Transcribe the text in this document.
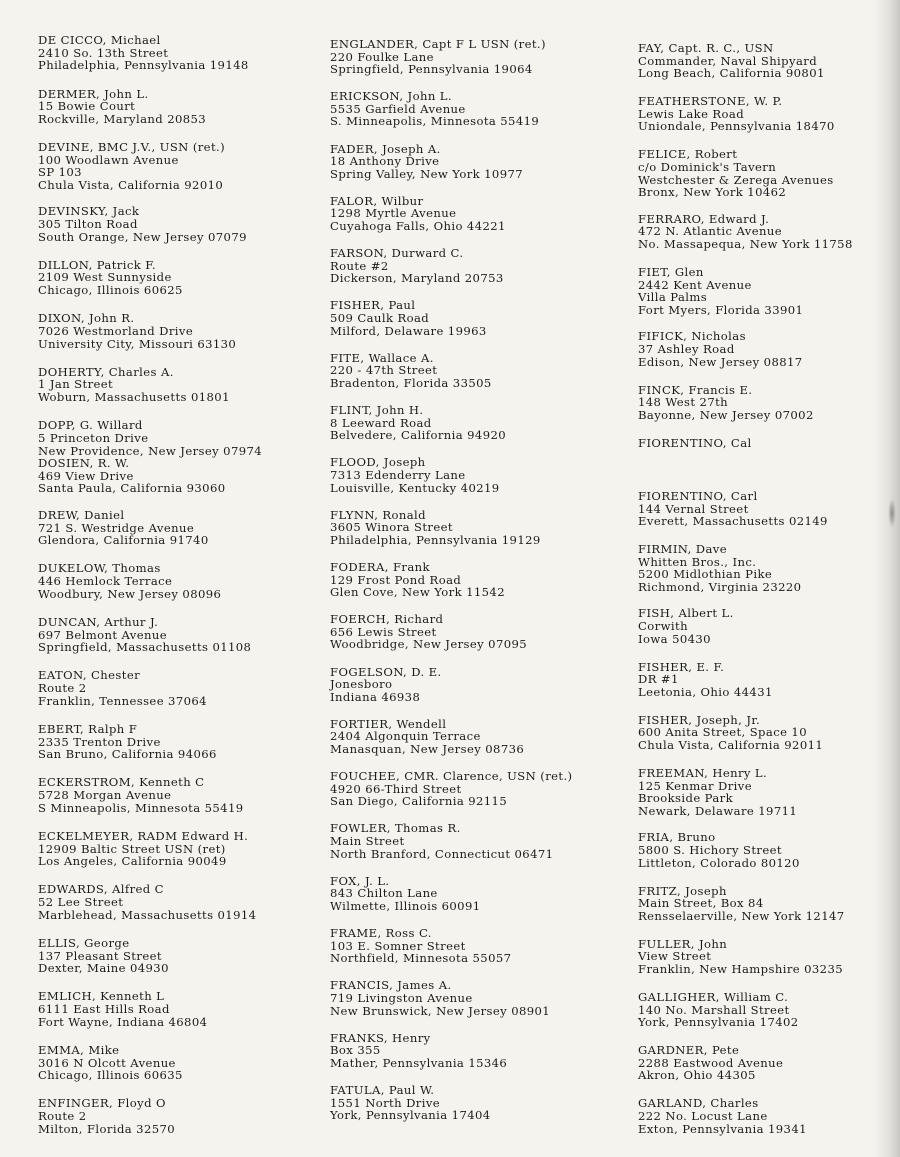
DE CICCO, Michael
2410 So. 13th Street
Philadelphia, Pennsylvania 19148
DERMER, John L.
15 Bowie Court
Rockville, Maryland 20853
DEVINE, BMC J.V., USN (ret.)
100 Woodlawn Avenue
SP 103
Chula Vista, California 92010
DEVINSKY, Jack
305 Tilton Road
South Orange, New Jersey 07079
DILLON, Patrick F.
2109 West Sunnyside
Chicago, Illinois 60625
DIXON, John R.
7026 Westmorland Drive
University City, Missouri 63130
DOHERTY, Charles A.
1 Jan Street
Woburn, Massachusetts 01801
DOPP, G. Willard
5 Princeton Drive
New Providence, New Jersey 07974
DOSIEN, R. W.
469 View Drive
Santa Paula, California 93060
DREW, Daniel
721 S. Westridge Avenue
Glendora, California 91740
DUKELOW, Thomas
446 Hemlock Terrace
Woodbury, New Jersey 08096
DUNCAN, Arthur J.
697 Belmont Avenue
Springfield, Massachusetts 01108
EATON, Chester
Route 2
Franklin, Tennessee 37064
EBERT, Ralph F
2335 Trenton Drive
San Bruno, California 94066
ECKERSTROM, Kenneth C
5728 Morgan Avenue
S Minneapolis, Minnesota 55419
ECKELMEYER, RADM Edward H.
12909 Baltic Street USN (ret)
Los Angeles, California 90049
EDWARDS, Alfred C
52 Lee Street
Marblehead, Massachusetts 01914
ELLIS, George
137 Pleasant Street
Dexter, Maine 04930
EMLICH, Kenneth L
6111 East Hills Road
Fort Wayne, Indiana 46804
EMMA, Mike
3016 N Olcott Avenue
Chicago, Illinois 60635
ENFINGER, Floyd O
Route 2
Milton, Florida 32570
ENGLANDER, Capt F L USN (ret.)
220 Foulke Lane
Springfield, Pennsylvania 19064
ERICKSON, John L.
5535 Garfield Avenue
S. Minneapolis, Minnesota 55419
FADER, Joseph A.
18 Anthony Drive
Spring Valley, New York 10977
FALOR, Wilbur
1298 Myrtle Avenue
Cuyahoga Falls, Ohio 44221
FARSON, Durward C.
Route #2
Dickerson, Maryland 20753
FISHER, Paul
509 Caulk Road
Milford, Delaware 19963
FITE, Wallace A.
220 - 47th Street
Bradenton, Florida 33505
FLINT, John H.
8 Leeward Road
Belvedere, California 94920
FLOOD, Joseph
7313 Edenderry Lane
Louisville, Kentucky 40219
FLYNN, Ronald
3605 Winora Street
Philadelphia, Pennsylvania 19129
FODERA, Frank
129 Frost Pond Road
Glen Cove, New York 11542
FOERCH, Richard
656 Lewis Street
Woodbridge, New Jersey 07095
FOGELSON, D. E.
Jonesboro
Indiana 46938
FORTIER, Wendell
2404 Algonquin Terrace
Manasquan, New Jersey 08736
FOUCHEE, CMR. Clarence, USN (ret.)
4920 66-Third Street
San Diego, California 92115
FOWLER, Thomas R.
Main Street
North Branford, Connecticut 06471
FOX, J. L.
843 Chilton Lane
Wilmette, Illinois 60091
FRAME, Ross C.
103 E. Somner Street
Northfield, Minnesota 55057
FRANCIS, James A.
719 Livingston Avenue
New Brunswick, New Jersey 08901
FRANKS, Henry
Box 355
Mather, Pennsylvania 15346
FATULA, Paul W.
1551 North Drive
York, Pennsylvania 17404
FAY, Capt. R. C., USN
Commander, Naval Shipyard
Long Beach, California 90801
FEATHERSTONE, W. P.
Lewis Lake Road
Uniondale, Pennsylvania 18470
FELICE, Robert
c/o Dominick's Tavern
Westchester & Zerega Avenues
Bronx, New York 10462
FERRARO, Edward J.
472 N. Atlantic Avenue
No. Massapequa, New York 11758
FIET, Glen
2442 Kent Avenue
Villa Palms
Fort Myers, Florida 33901
FIFICK, Nicholas
37 Ashley Road
Edison, New Jersey 08817
FINCK, Francis E.
148 West 27th
Bayonne, New Jersey 07002
FIORENTINO, Cal
FIORENTINO, Carl
144 Vernal Street
Everett, Massachusetts 02149
FIRMIN, Dave
Whitten Bros., Inc.
5200 Midlothian Pike
Richmond, Virginia 23220
FISH, Albert L.
Corwith
Iowa 50430
FISHER, E. F.
DR #1
Leetonia, Ohio 44431
FISHER, Joseph, Jr.
600 Anita Street, Space 10
Chula Vista, California 92011
FREEMAN, Henry L.
125 Kenmar Drive
Brookside Park
Newark, Delaware 19711
FRIA, Bruno
5800 S. Hichory Street
Littleton, Colorado 80120
FRITZ, Joseph
Main Street, Box 84
Rensselaerville, New York 12147
FULLER, John
View Street
Franklin, New Hampshire 03235
GALLIGHER, William C.
140 No. Marshall Street
York, Pennsylvania 17402
GARDNER, Pete
2288 Eastwood Avenue
Akron, Ohio 44305
GARLAND, Charles
222 No. Locust Lane
Exton, Pennsylvania 19341
